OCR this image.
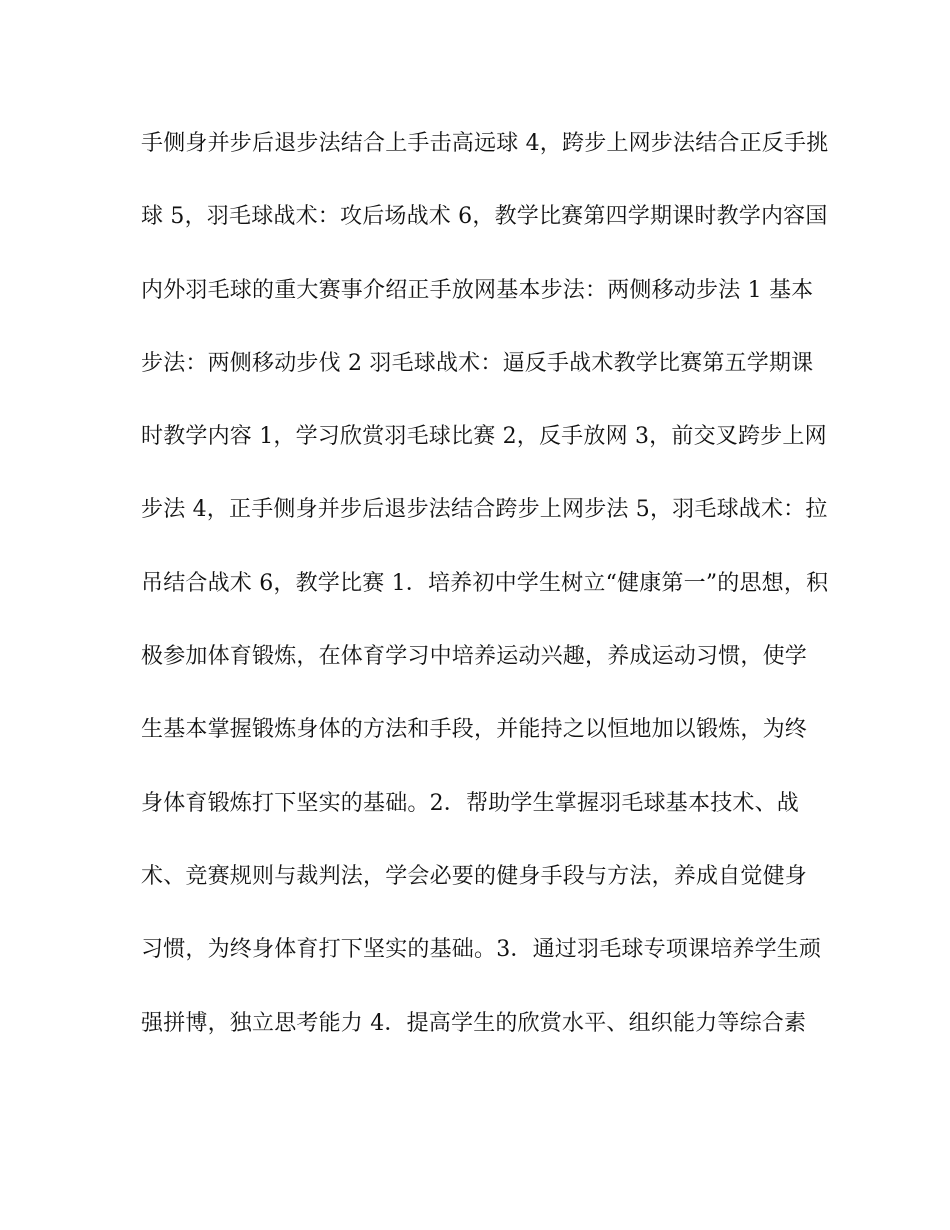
手侧身并步后退步法结合上手击高远球 4，跨步上网步法结合正反手挑
球 5，羽毛球战术：攻后场战术 6，教学比赛第四学期课时教学内容国
内外羽毛球的重大赛事介绍正手放网基本步法：两侧移动步法 1 基本
步法：两侧移动步伐 2 羽毛球战术：逼反手战术教学比赛第五学期课
时教学内容 1，学习欣赏羽毛球比赛 2，反手放网 3，前交叉跨步上网
步法 4，正手侧身并步后退步法结合跨步上网步法 5，羽毛球战术：拉
吊结合战术 6，教学比赛 1．培养初中学生树立“健康第一”的思想，积
极参加体育锻炼，在体育学习中培养运动兴趣，养成运动习惯，使学
生基本掌握锻炼身体的方法和手段，并能持之以恒地加以锻炼，为终
身体育锻炼打下坚实的基础。2．帮助学生掌握羽毛球基本技术、战
术、竞赛规则与裁判法，学会必要的健身手段与方法，养成自觉健身
习惯，为终身体育打下坚实的基础。3．通过羽毛球专项课培养学生顽
强拼博，独立思考能力 4．提高学生的欣赏水平、组织能力等综合素
